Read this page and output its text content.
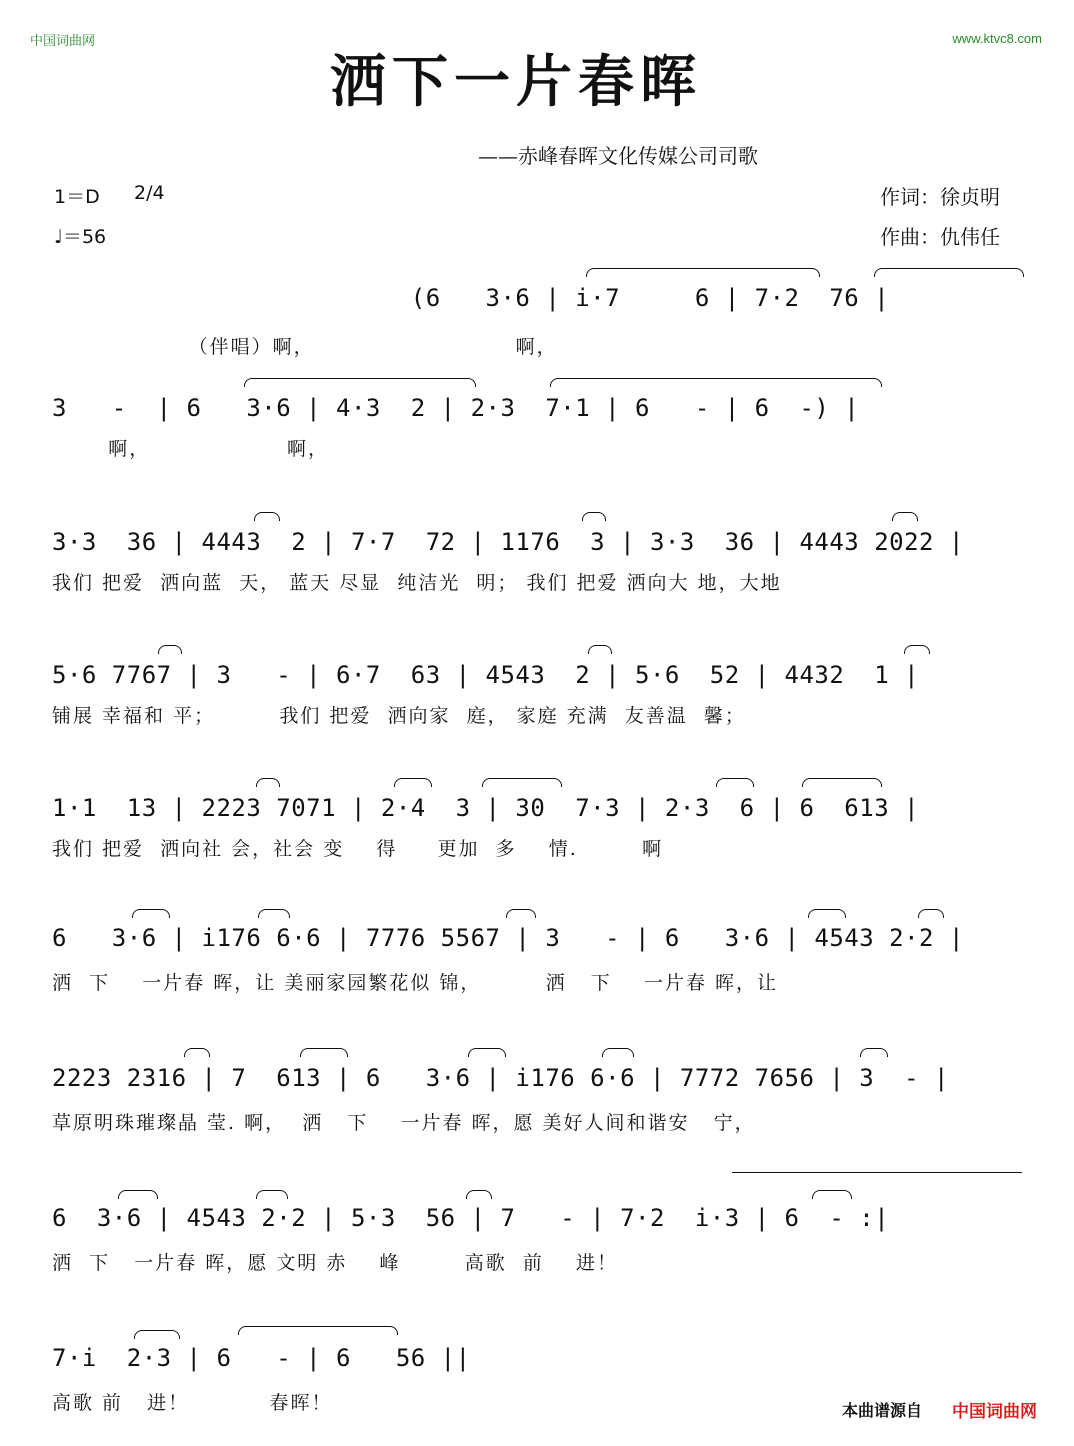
中国词曲网	www.ktvc8.com
洒下一片春晖
——赤峰春晖文化传媒公司司歌
1＝D 2/4
♩＝56
作词：徐贞明
作曲：仇伟任
(6   3·6 | i·7     6 | 7·2  76 |
（伴唱）啊，                         啊，
3   -  | 6   3·6 | 4·3  2 | 2·3  7·1 | 6   - | 6  -) |
啊，                 啊，
3·3  36 | 4443  2 | 7·7  72 | 1176  3 | 3·3  36 | 4443 2022 |
我们 把爱  洒向蓝  天， 蓝天 尽显  纯洁光  明； 我们 把爱 洒向大 地，大地
5·6 7767 | 3   - | 6·7  63 | 4543  2 | 5·6  52 | 4432  1 |
铺展 幸福和 平；        我们 把爱  洒向家  庭， 家庭 充满  友善温  馨；
1·1  13 | 2223 7071 | 2·4  3 | 30  7·3 | 2·3  6 | 6  613 |
我们 把爱  洒向社 会，社会 变    得     更加  多    情.        啊
6   3·6 | i176 6·6 | 7776 5567 | 3   - | 6   3·6 | 4543 2·2 |
洒  下    一片春 晖，让 美丽家园繁花似 锦，        洒   下    一片春 晖，让
2223 2316 | 7  613 | 6   3·6 | i176 6·6 | 7772 7656 | 3  - |
草原明珠璀璨晶 莹. 啊，  洒   下    一片春 晖，愿 美好人间和谐安   宁，
6  3·6 | 4543 2·2 | 5·3  56 | 7   - | 7·2  i·3 | 6  - :|
洒  下   一片春 晖，愿 文明 赤    峰        高歌  前    进！
7·i  2·3 | 6   - | 6   56 ||
高歌 前   进！          春晖！	本曲谱源自 中国词曲网
